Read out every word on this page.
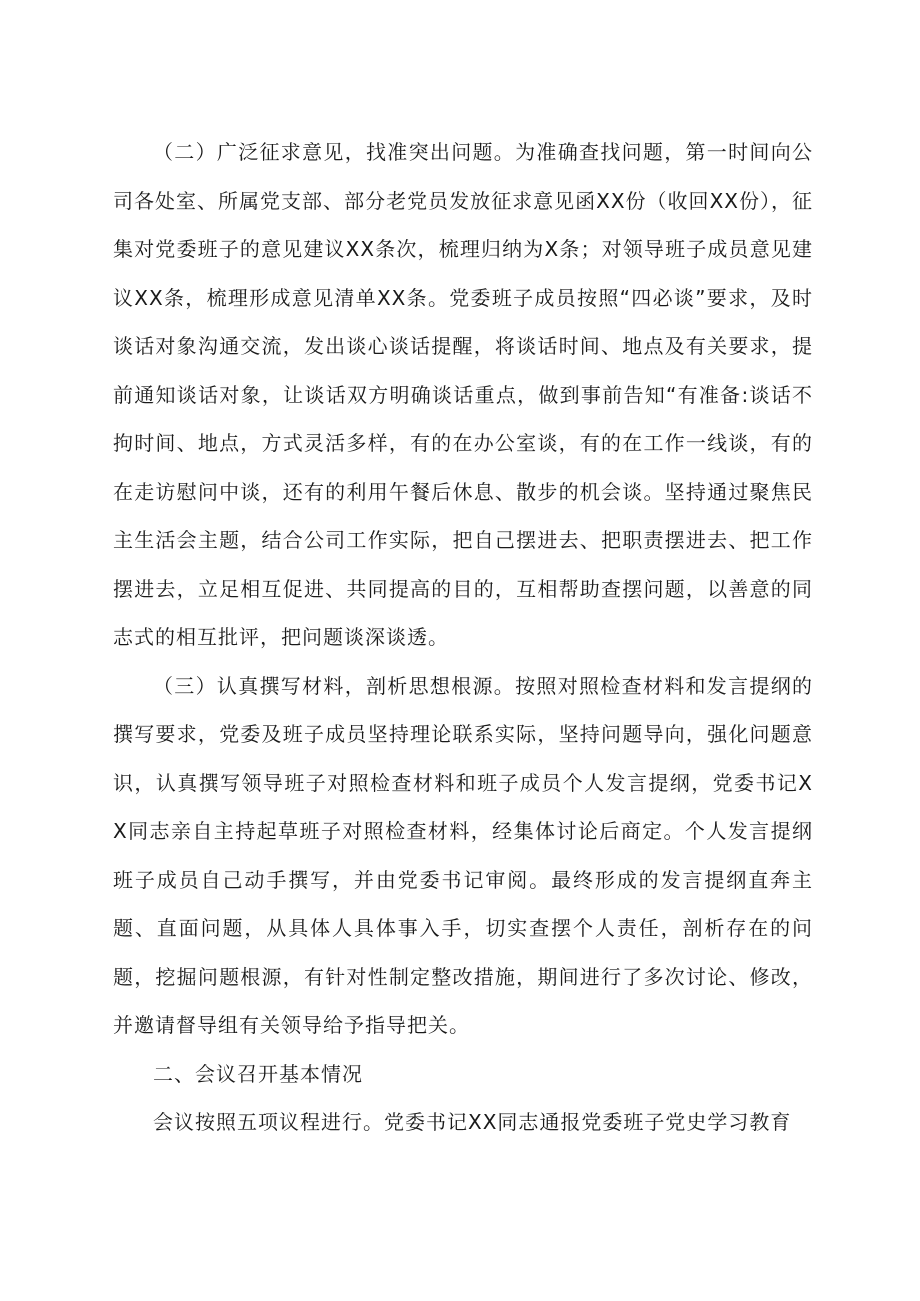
（二）广泛征求意见，找准突出问题。为准确查找问题，第一时间向公司各处室、所属党支部、部分老党员发放征求意见函XX份（收回XX份），征集对党委班子的意见建议XX条次，梳理归纳为X条；对领导班子成员意见建议XX条，梳理形成意见清单XX条。党委班子成员按照“四必谈”要求，及时谈话对象沟通交流，发出谈心谈话提醒，将谈话时间、地点及有关要求，提前通知谈话对象，让谈话双方明确谈话重点，做到事前告知“有准备:谈话不拘时间、地点，方式灵活多样，有的在办公室谈，有的在工作一线谈，有的在走访慰问中谈，还有的利用午餐后休息、散步的机会谈。坚持通过聚焦民主生活会主题，结合公司工作实际，把自己摆进去、把职责摆进去、把工作摆进去，立足相互促进、共同提高的目的，互相帮助查摆问题，以善意的同志式的相互批评，把问题谈深谈透。

（三）认真撰写材料，剖析思想根源。按照对照检查材料和发言提纲的撰写要求，党委及班子成员坚持理论联系实际，坚持问题导向，强化问题意识，认真撰写领导班子对照检查材料和班子成员个人发言提纲，党委书记XX同志亲自主持起草班子对照检查材料，经集体讨论后商定。个人发言提纲班子成员自己动手撰写，并由党委书记审阅。最终形成的发言提纲直奔主题、直面问题，从具体人具体事入手，切实查摆个人责任，剖析存在的问题，挖掘问题根源，有针对性制定整改措施，期间进行了多次讨论、修改，并邀请督导组有关领导给予指导把关。

二、会议召开基本情况

会议按照五项议程进行。党委书记XX同志通报党委班子党史学习教育
